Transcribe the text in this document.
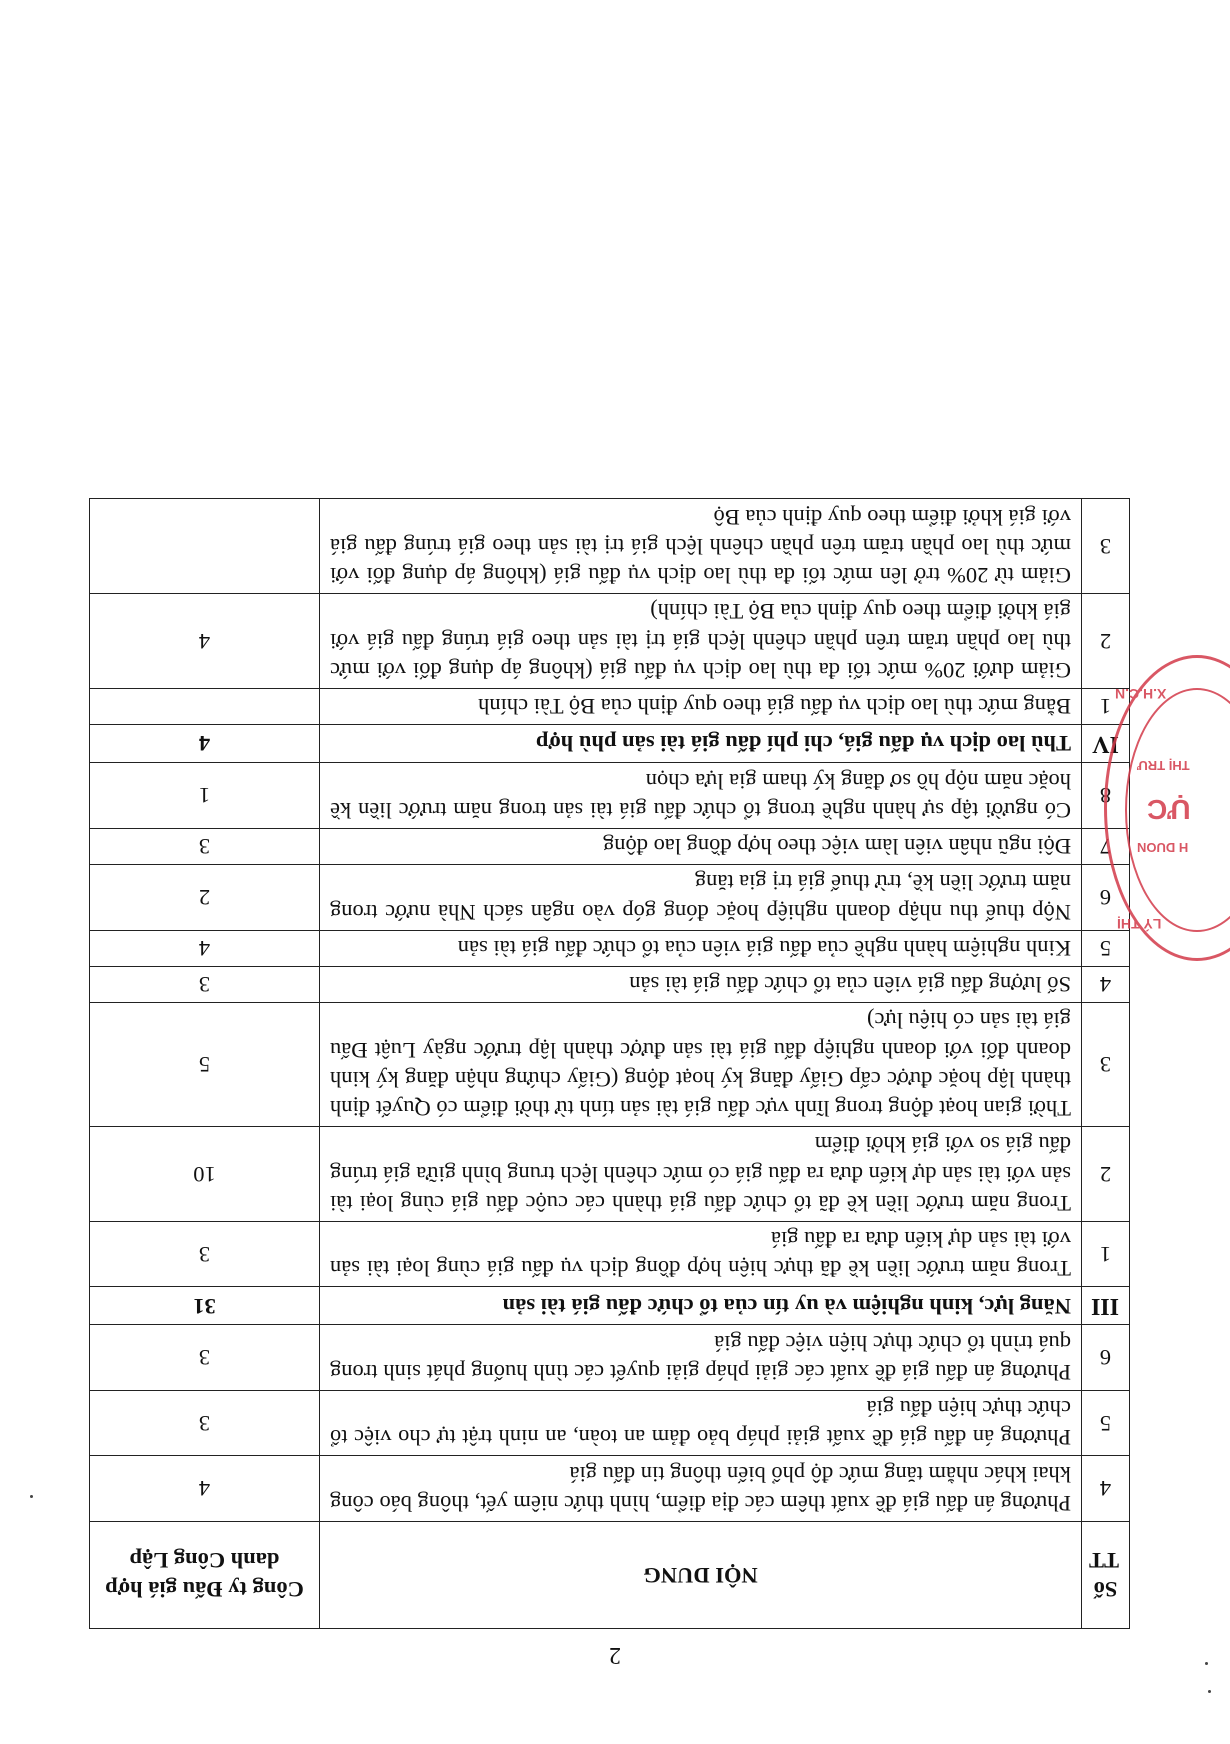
2
Số TT	NỘI DUNG	Công ty Đấu giá hợp danh Công Lập
4	Phương án đấu giá đề xuất thêm các địa điểm, hình thức niêm yết, thông báo công khai khác nhằm tăng mức độ phổ biến thông tin đấu giá	4
5	Phương án đấu giá đề xuất giải pháp bảo đảm an toàn, an ninh trật tự cho việc tổ chức thực hiện đấu giá	3
6	Phương án đấu giá đề xuất các giải pháp giải quyết các tình huống phát sinh trong quá trình tổ chức thực hiện việc đấu giá	3
III	Năng lực, kinh nghiệm và uy tín của tổ chức đấu giá tài sản	31
1	Trong năm trước liền kề đã thực hiện hợp đồng dịch vụ đấu giá cùng loại tài sản với tài sản dự kiến đưa ra đấu giá	3
2	Trong năm trước liền kề đã tổ chức đấu giá thành các cuộc đấu giá cùng loại tài sản với tài sản dự kiến đưa ra đấu giá có mức chênh lệch trung bình giữa giá trúng đấu giá so với giá khởi điểm	10
3	Thời gian hoạt động trong lĩnh vực đấu giá tài sản tính từ thời điểm có Quyết định thành lập hoặc được cấp Giấy đăng ký hoạt động (Giấy chứng nhận đăng ký kinh doanh đối với doanh nghiệp đấu giá tài sản được thành lập trước ngày Luật Đấu giá tài sản có hiệu lực)	5
4	Số lượng đấu giá viên của tổ chức đấu giá tài sản	3
5	Kinh nghiệm hành nghề của đấu giá viên của tổ chức đấu giá tài sản	4
6	Nộp thuế thu nhập doanh nghiệp hoặc đóng góp vào ngân sách Nhà nước trong năm trước liền kề, trừ thuế giá trị gia tăng	2
7	Đội ngũ nhân viên làm việc theo hợp đồng lao động	3
8	Có người tập sự hành nghề trong tổ chức đấu giá tài sản trong năm trước liền kề hoặc năm nộp hồ sơ đăng ký tham gia lựa chọn	1
IV	Thù lao dịch vụ đấu giá, chi phí đấu giá tài sản phù hợp	4
1	Bằng mức thù lao dịch vụ đấu giá theo quy định của Bộ Tài chính	
2	Giảm dưới 20% mức tối đa thù lao dịch vụ đấu giá (không áp dụng đối với mức thù lao phần trăm trên phần chênh lệch giá trị tài sản theo giá trúng đấu giá với giá khởi điểm theo quy định của Bộ Tài chính)	4
3	Giảm từ 20% trở lên mức tối đa thù lao dịch vụ đấu giá (không áp dụng đối với mức thù lao phần trăm trên phần chênh lệch giá trị tài sản theo giá trúng đấu giá với giá khởi điểm theo quy định của Bộ	
X.H.C.N
THỊ TRƯ
ỰC
H DUON
LÝ THỊ
